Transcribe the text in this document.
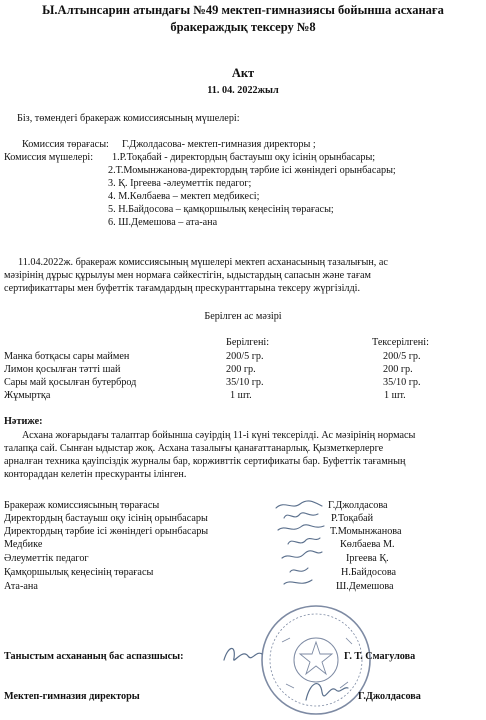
Ы.Алтынсарин атындағы №49 мектеп-гимназиясы бойынша асханаға
бракераждық тексеру №8
Акт
11. 04. 2022жыл
Біз, төмендегі бракераж комиссиясының мүшелері:
Комиссия төрағасы: Г.Джолдасова- мектеп-гимназия директоры ;
Комиссия мүшелері: 1.Р.Тоқабай - директордың бастауыш оқу ісінің орынбасары;
2.Т.Момынжанова-директордың тәрбие ісі жөніндегі орынбасары;
3. Қ. Іргеева -әлеуметтік педагог;
4. М.Көлбаева – мектеп медбикесі;
5. Н.Байдосова – қамқоршылық кеңесінің төрағасы;
6. Ш.Демешова – ата-ана
11.04.2022ж. бракераж комиссиясының мүшелері мектеп асханасының тазалығын, ас
мәзірінің дұрыс құрылуы мен нормаға сәйкестігін, ыдыстардың сапасын және тағам
сертификаттары мен буфеттік тағамдардың прескуранттарына тексеру жүргізілді.
Берілген ас мәзірі
Берілгені:	Тексерілгені:
Манка ботқасы сары маймен	200/5 гр.	200/5 гр.
Лимон қосылған тәтті шай	200 гр.	200 гр.
Сары май қосылған бутерброд	35/10 гр.	35/10 гр.
Жұмыртқа	1 шт.	1 шт.
Нәтиже:
Асхана жоғарыдағы талаптар бойынша сәуірдің 11-і күні тексерілді. Ас мәзірінің нормасы
талапқа сай. Сынған ыдыстар жоқ. Асхана тазалығы қанағаттанарлық. Қызметкерлерге
арналған техника қауіпсіздік журналы бар, корживттік сертификаты бар. Буфеттік тағамның
контораддан келетін прескуранты ілінген.
Бракераж комиссиясының төрағасы	Г.Джолдасова
Директордың бастауыш оқу ісінің орынбасары	Р.Тоқабай
Директордың тәрбие ісі жөніндегі орынбасары	Т.Момынжанова
Медбике	Көлбаева М.
Әлеуметтік педагог	Іргеева Қ.
Қамқоршылық кеңесінің төрағасы	Н.Байдосова
Ата-ана	Ш.Демешова
Таныстым асхананың бас аспазшысы:	Г. Т. Смагулова
Мектеп-гимназия директоры	Г.Джолдасова
